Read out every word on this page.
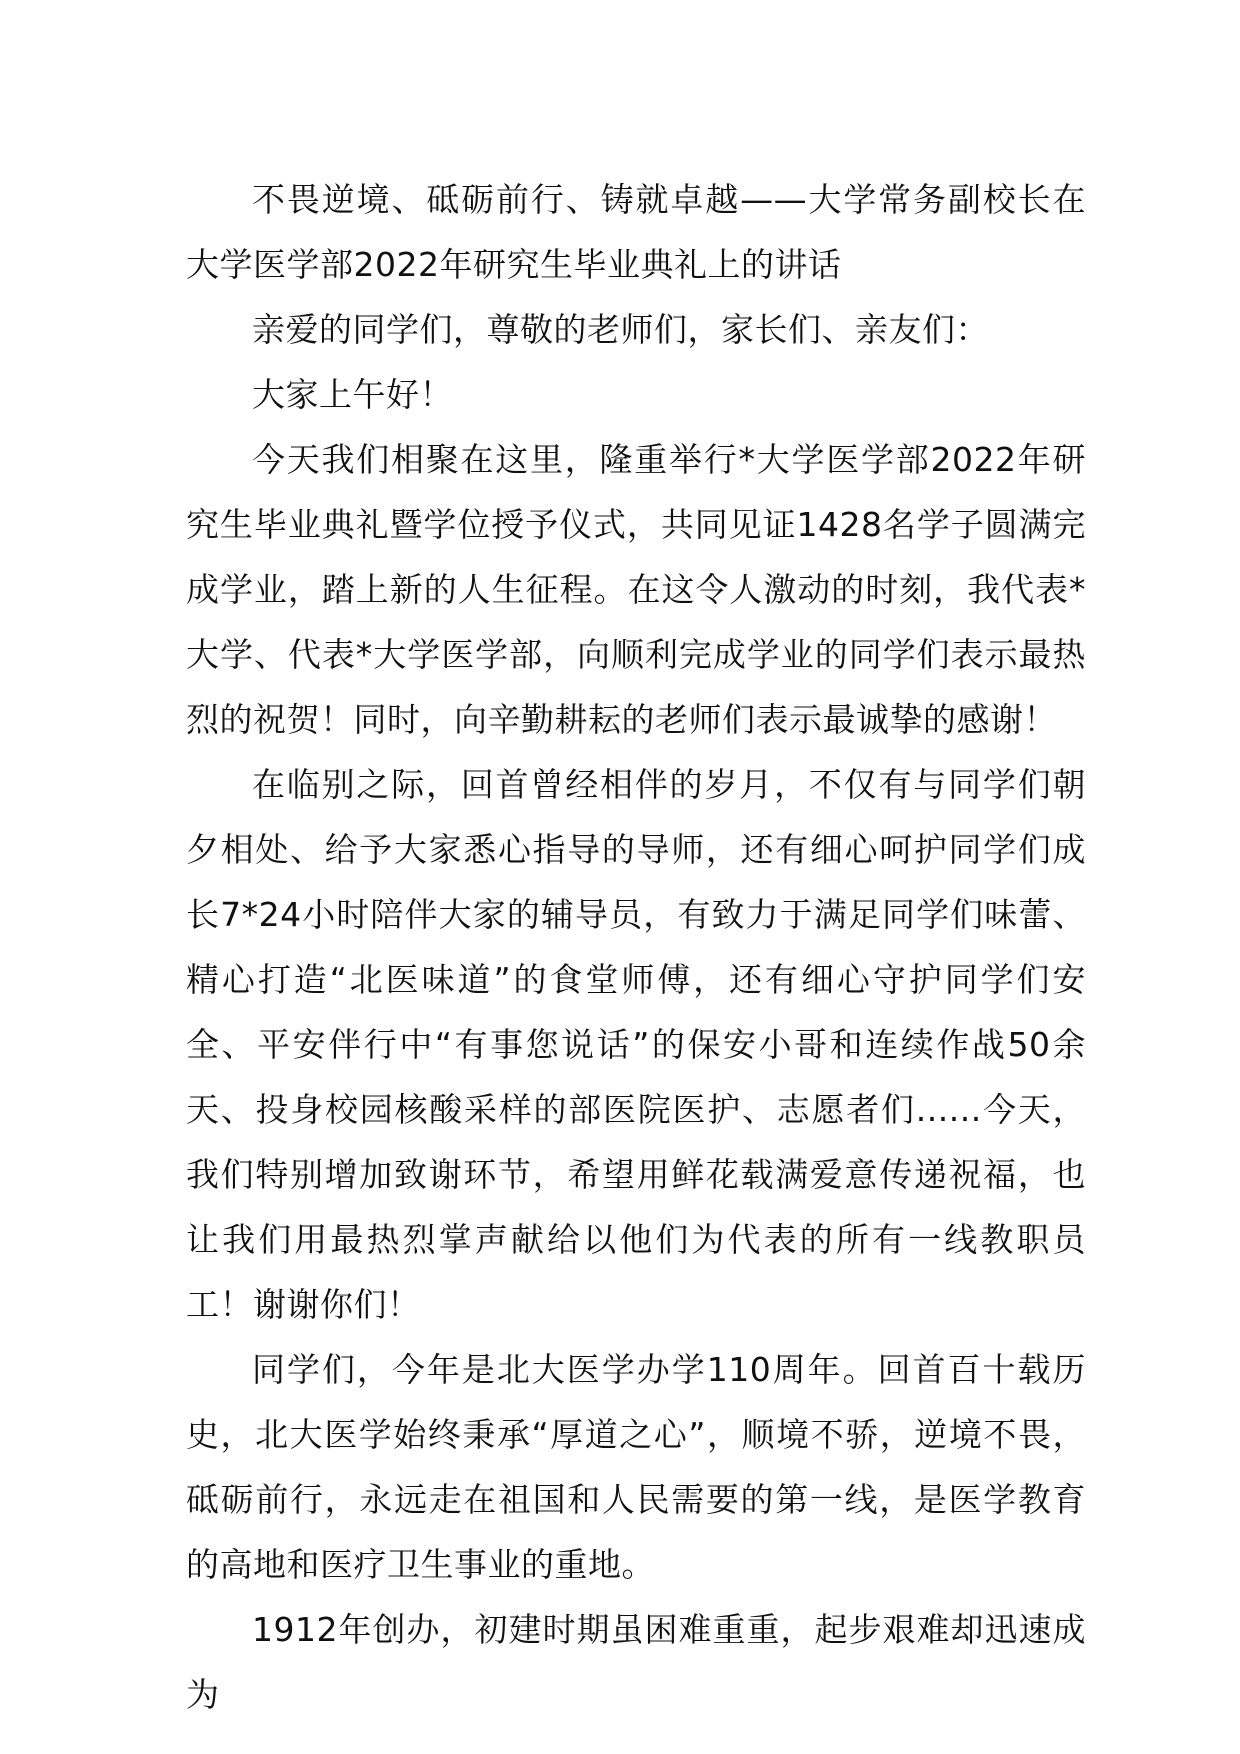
不畏逆境、砥砺前行、铸就卓越——大学常务副校长在大学医学部2022年研究生毕业典礼上的讲话

亲爱的同学们，尊敬的老师们，家长们、亲友们：

大家上午好！

今天我们相聚在这里，隆重举行*大学医学部2022年研究生毕业典礼暨学位授予仪式，共同见证1428名学子圆满完成学业，踏上新的人生征程。在这令人激动的时刻，我代表*大学、代表*大学医学部，向顺利完成学业的同学们表示最热烈的祝贺！同时，向辛勤耕耘的老师们表示最诚挚的感谢！

在临别之际，回首曾经相伴的岁月，不仅有与同学们朝夕相处、给予大家悉心指导的导师，还有细心呵护同学们成长7*24小时陪伴大家的辅导员，有致力于满足同学们味蕾、精心打造“北医味道”的食堂师傅，还有细心守护同学们安全、平安伴行中“有事您说话”的保安小哥和连续作战50余天、投身校园核酸采样的部医院医护、志愿者们......今天，我们特别增加致谢环节，希望用鲜花载满爱意传递祝福，也让我们用最热烈掌声献给以他们为代表的所有一线教职员工！谢谢你们！

同学们，今年是北大医学办学110周年。回首百十载历史，北大医学始终秉承“厚道之心”，顺境不骄，逆境不畏，砥砺前行，永远走在祖国和人民需要的第一线，是医学教育的高地和医疗卫生事业的重地。

1912年创办，初建时期虽困难重重，起步艰难却迅速成为
